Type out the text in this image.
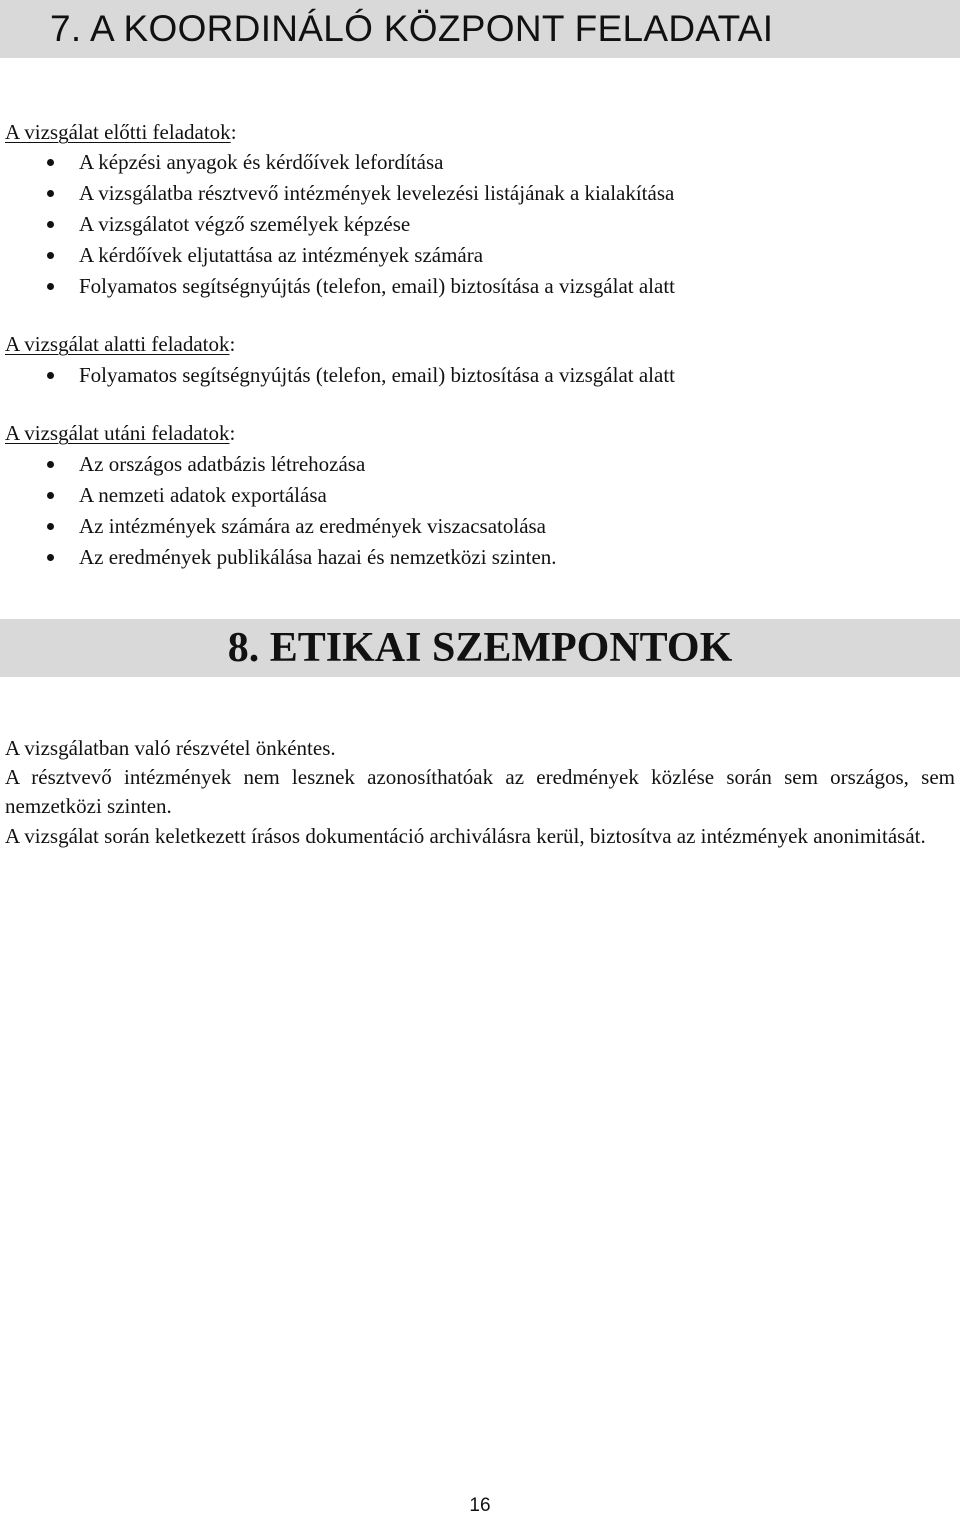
7. A KOORDINÁLÓ KÖZPONT FELADATAI
A vizsgálat előtti feladatok:
A képzési anyagok és kérdőívek lefordítása
A vizsgálatba résztvevő intézmények levelezési listájának a kialakítása
A vizsgálatot végző személyek képzése
A kérdőívek eljutattása az intézmények számára
Folyamatos segítségnyújtás (telefon, email) biztosítása a vizsgálat alatt
A vizsgálat alatti feladatok:
Folyamatos segítségnyújtás (telefon, email) biztosítása a vizsgálat alatt
A vizsgálat utáni feladatok:
Az országos adatbázis létrehozása
A nemzeti adatok exportálása
Az intézmények számára az eredmények viszacsatolása
Az eredmények publikálása hazai és nemzetközi szinten.
8. ETIKAI SZEMPONTOK
A vizsgálatban való részvétel önkéntes.
A résztvevő intézmények nem lesznek azonosíthatóak az eredmények közlése során sem országos, sem nemzetközi szinten.
A vizsgálat során keletkezett írásos dokumentáció archiválásra kerül, biztosítva az intézmények anonimitását.
16
